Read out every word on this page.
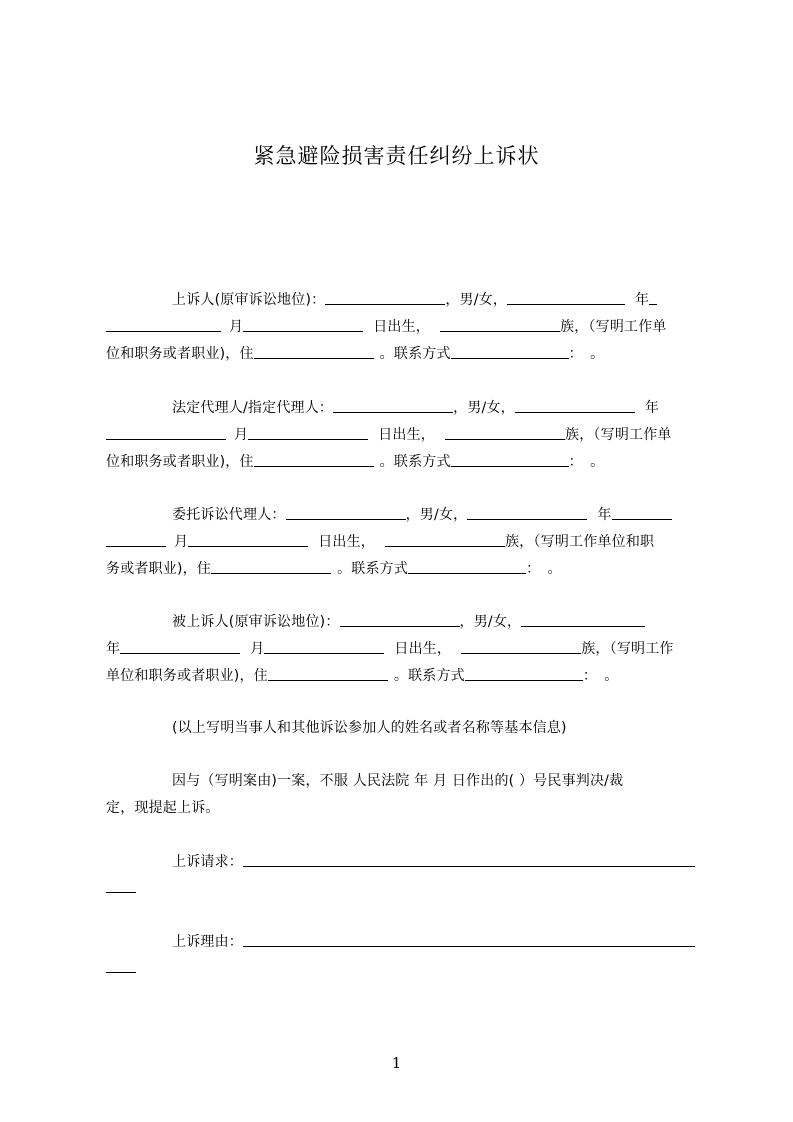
紧急避险损害责任纠纷上诉状
上诉人(原审诉讼地位)：	，男/女，	年
月	日出生，	族，（写明工作单
位和职务或者职业)，住	。联系方式	：　。
法定代理人/指定代理人：	，男/女，	年
月	日出生，	族，（写明工作单
位和职务或者职业)，住	。联系方式	：　。
委托诉讼代理人：	，男/女，	年
月	日出生，	族，（写明工作单位和职
务或者职业)，住	。联系方式	：　。
被上诉人(原审诉讼地位)：	，男/女，
年	月	日出生，	族，（写明工作
单位和职务或者职业)，住	。联系方式	：　。
(以上写明当事人和其他诉讼参加人的姓名或者名称等基本信息)
因与（写明案由)一案，不服 人民法院 年 月 日作出的( ）号民事判决/裁
定，现提起上诉。
上诉请求：
上诉理由：
1
